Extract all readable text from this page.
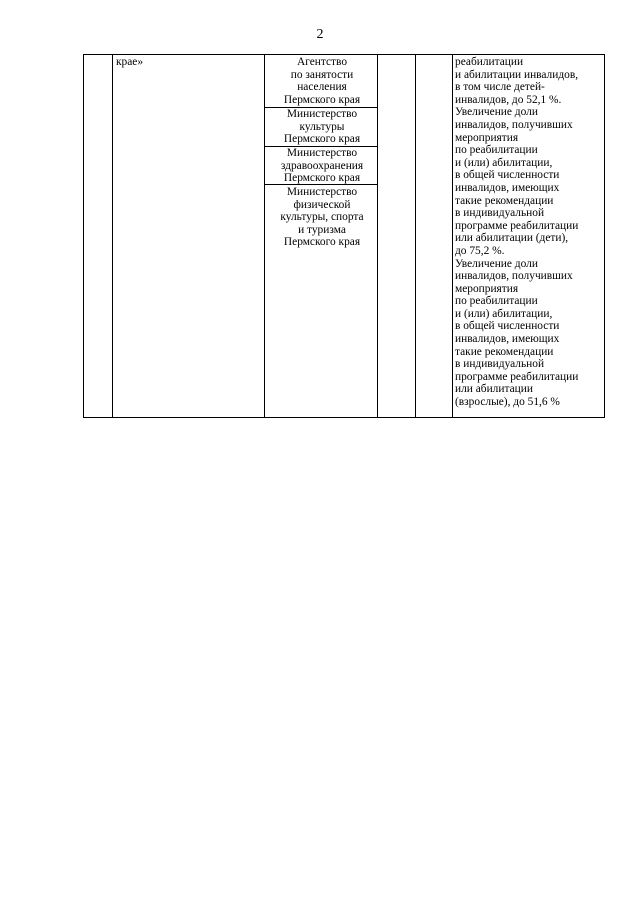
2
крае»	Агентство
по занятости
населения
Пермского края
Министерство
культуры
Пермского края
Министерство
здравоохранения
Пермского края
Министерство
физической
культуры, спорта
и туризма
Пермского края
реабилитации
и абилитации инвалидов,
в том числе детей-
инвалидов, до 52,1 %.
Увеличение доли
инвалидов, получивших
мероприятия
по реабилитации
и (или) абилитации,
в общей численности
инвалидов, имеющих
такие рекомендации
в индивидуальной
программе реабилитации
или абилитации (дети),
до 75,2 %.
Увеличение доли
инвалидов, получивших
мероприятия
по реабилитации
и (или) абилитации,
в общей численности
инвалидов, имеющих
такие рекомендации
в индивидуальной
программе реабилитации
или абилитации
(взрослые), до 51,6 %
